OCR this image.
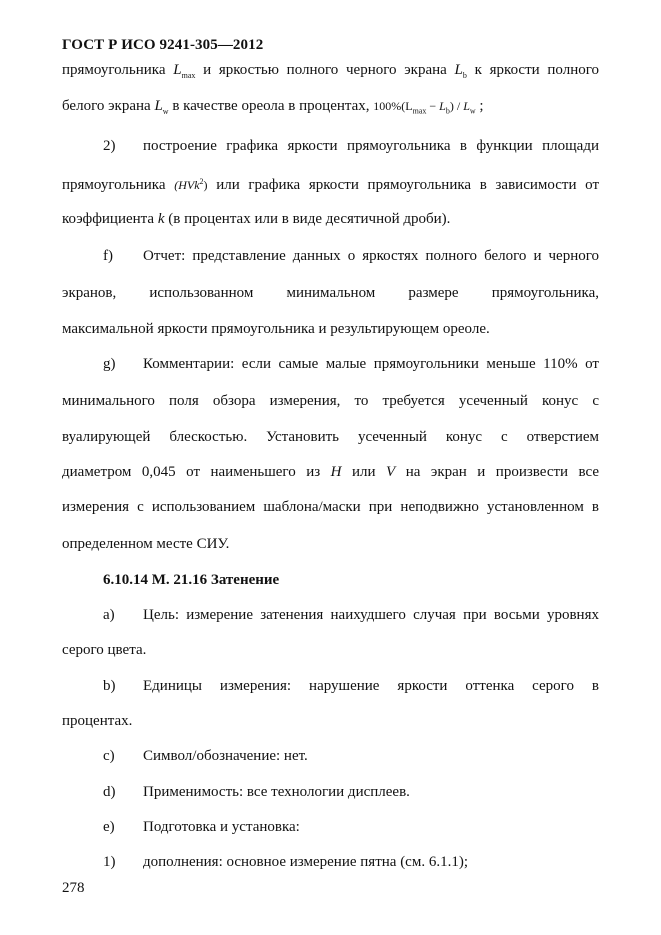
ГОСТ Р ИСО 9241-305—2012
прямоугольника $L_{max}$ и яркостью полного черного экрана $L_b$ к яркости полного
белого экрана $L_w$ в качестве ореола в процентах, $100\%(L_{max} - L_b) / L_w$ ;
2) построение графика яркости прямоугольника в функции площади
прямоугольника (HVk$^2$) или графика яркости прямоугольника в зависимости от
коэффициента k (в процентах или в виде десятичной дроби).
f) Отчет: представление данных о яркостях полного белого и черного
экранов, использованном минимальном размере прямоугольника,
максимальной яркости прямоугольника и результирующем ореоле.
g) Комментарии: если самые малые прямоугольники меньше 110% от
минимального поля обзора измерения, то требуется усеченный конус с
вуалирующей блескостью. Установить усеченный конус с отверстием
диаметром 0,045 от наименьшего из H или V на экран и произвести все
измерения с использованием шаблона/маски при неподвижно установленном в
определенном месте СИУ.
6.10.14 М. 21.16 Затенение
a) Цель: измерение затенения наихудшего случая при восьми уровнях
серого цвета.
b) Единицы измерения: нарушение яркости оттенка серого в
процентах.
c) Символ/обозначение: нет.
d) Применимость: все технологии дисплеев.
e) Подготовка и установка:
1) дополнения: основное измерение пятна (см. 6.1.1);
278
